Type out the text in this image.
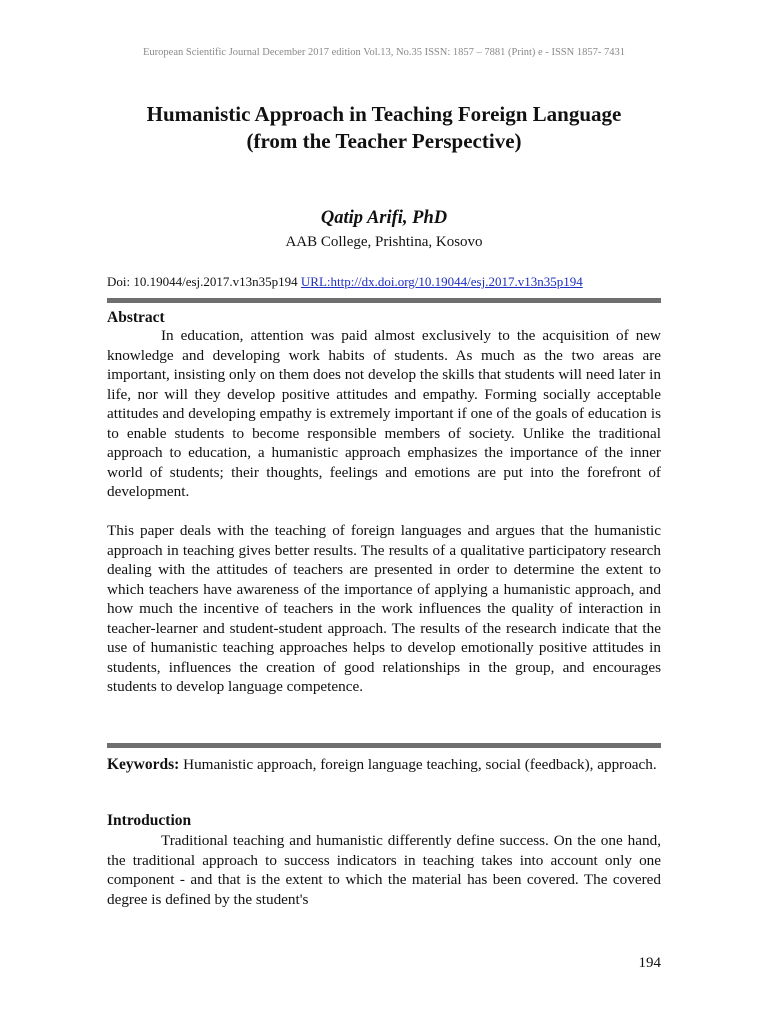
European Scientific Journal December 2017 edition Vol.13, No.35 ISSN: 1857 – 7881 (Print) e - ISSN 1857- 7431
Humanistic Approach in Teaching Foreign Language
(from the Teacher Perspective)
Qatip Arifi, PhD
AAB College, Prishtina, Kosovo
Doi: 10.19044/esj.2017.v13n35p194 URL:http://dx.doi.org/10.19044/esj.2017.v13n35p194
Abstract

In education, attention was paid almost exclusively to the acquisition of new knowledge and developing work habits of students. As much as the two areas are important, insisting only on them does not develop the skills that students will need later in life, nor will they develop positive attitudes and empathy. Forming socially acceptable attitudes and developing empathy is extremely important if one of the goals of education is to enable students to become responsible members of society. Unlike the traditional approach to education, a humanistic approach emphasizes the importance of the inner world of students; their thoughts, feelings and emotions are put into the forefront of development.

This paper deals with the teaching of foreign languages and argues that the humanistic approach in teaching gives better results. The results of a qualitative participatory research dealing with the attitudes of teachers are presented in order to determine the extent to which teachers have awareness of the importance of applying a humanistic approach, and how much the incentive of teachers in the work influences the quality of interaction in teacher-learner and student-student approach. The results of the research indicate that the use of humanistic teaching approaches helps to develop emotionally positive attitudes in students, influences the creation of good relationships in the group, and encourages students to develop language competence.

Keywords: Humanistic approach, foreign language teaching, social (feedback), approach.
Introduction

Traditional teaching and humanistic differently define success. On the one hand, the traditional approach to success indicators in teaching takes into account only one component - and that is the extent to which the material has been covered. The covered degree is defined by the student's

194
